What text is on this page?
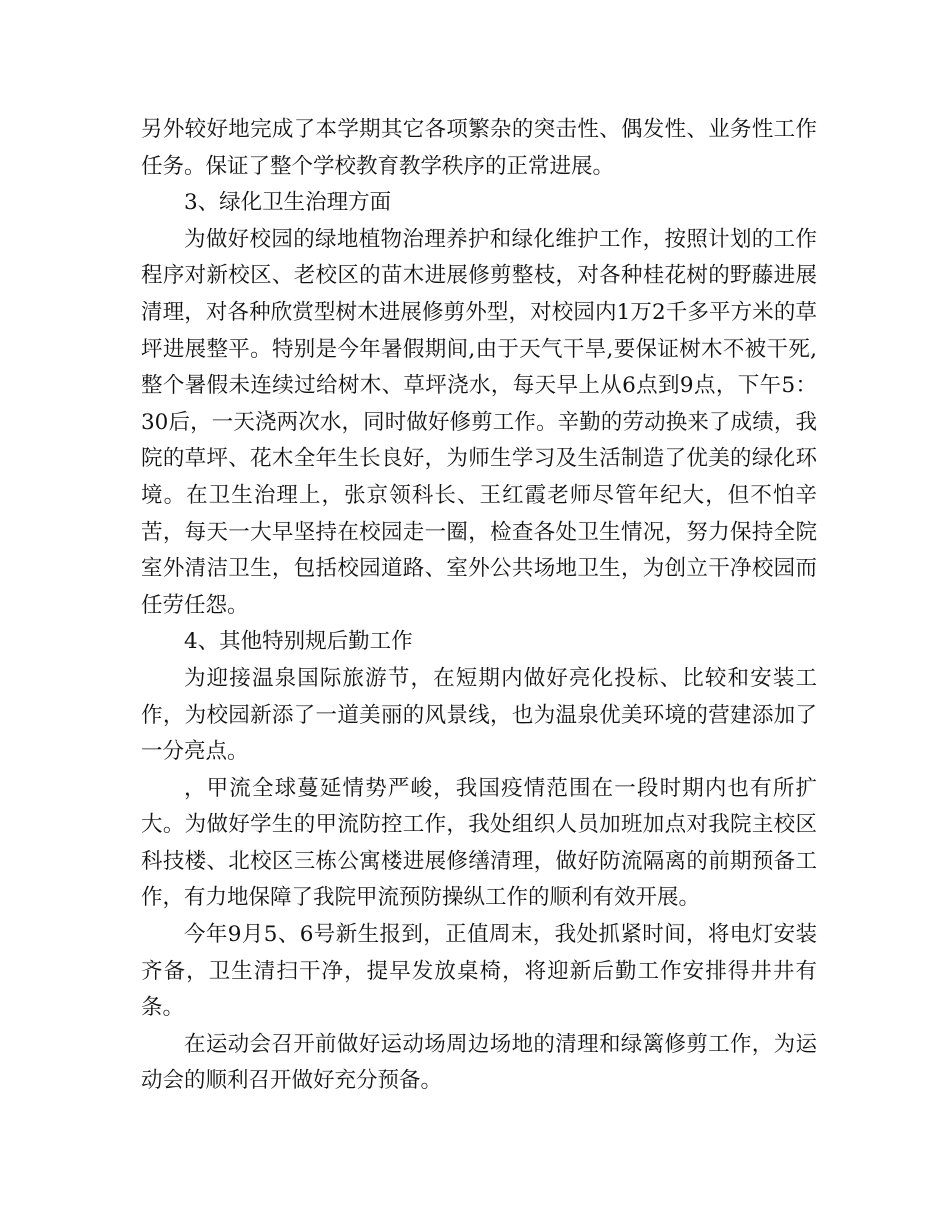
另外较好地完成了本学期其它各项繁杂的突击性、偶发性、业务性工作任务。保证了整个学校教育教学秩序的正常进展。

3、绿化卫生治理方面

为做好校园的绿地植物治理养护和绿化维护工作，按照计划的工作程序对新校区、老校区的苗木进展修剪整枝，对各种桂花树的野藤进展清理，对各种欣赏型树木进展修剪外型，对校园内1万2千多平方米的草坪进展整平。特别是今年暑假期间,由于天气干旱,要保证树木不被干死,整个暑假未连续过给树木、草坪浇水，每天早上从6点到9点，下午5：30后，一天浇两次水，同时做好修剪工作。辛勤的劳动换来了成绩，我院的草坪、花木全年生长良好，为师生学习及生活制造了优美的绿化环境。在卫生治理上，张京领科长、王红霞老师尽管年纪大，但不怕辛苦，每天一大早坚持在校园走一圈，检查各处卫生情况，努力保持全院室外清洁卫生，包括校园道路、室外公共场地卫生，为创立干净校园而任劳任怨。

4、其他特别规后勤工作

为迎接温泉国际旅游节，在短期内做好亮化投标、比较和安装工作，为校园新添了一道美丽的风景线，也为温泉优美环境的营建添加了一分亮点。

，甲流全球蔓延情势严峻，我国疫情范围在一段时期内也有所扩大。为做好学生的甲流防控工作，我处组织人员加班加点对我院主校区科技楼、北校区三栋公寓楼进展修缮清理，做好防流隔离的前期预备工作，有力地保障了我院甲流预防操纵工作的顺利有效开展。

今年9月5、6号新生报到，正值周末，我处抓紧时间，将电灯安装齐备，卫生清扫干净，提早发放桌椅，将迎新后勤工作安排得井井有条。

在运动会召开前做好运动场周边场地的清理和绿篱修剪工作，为运动会的顺利召开做好充分预备。
